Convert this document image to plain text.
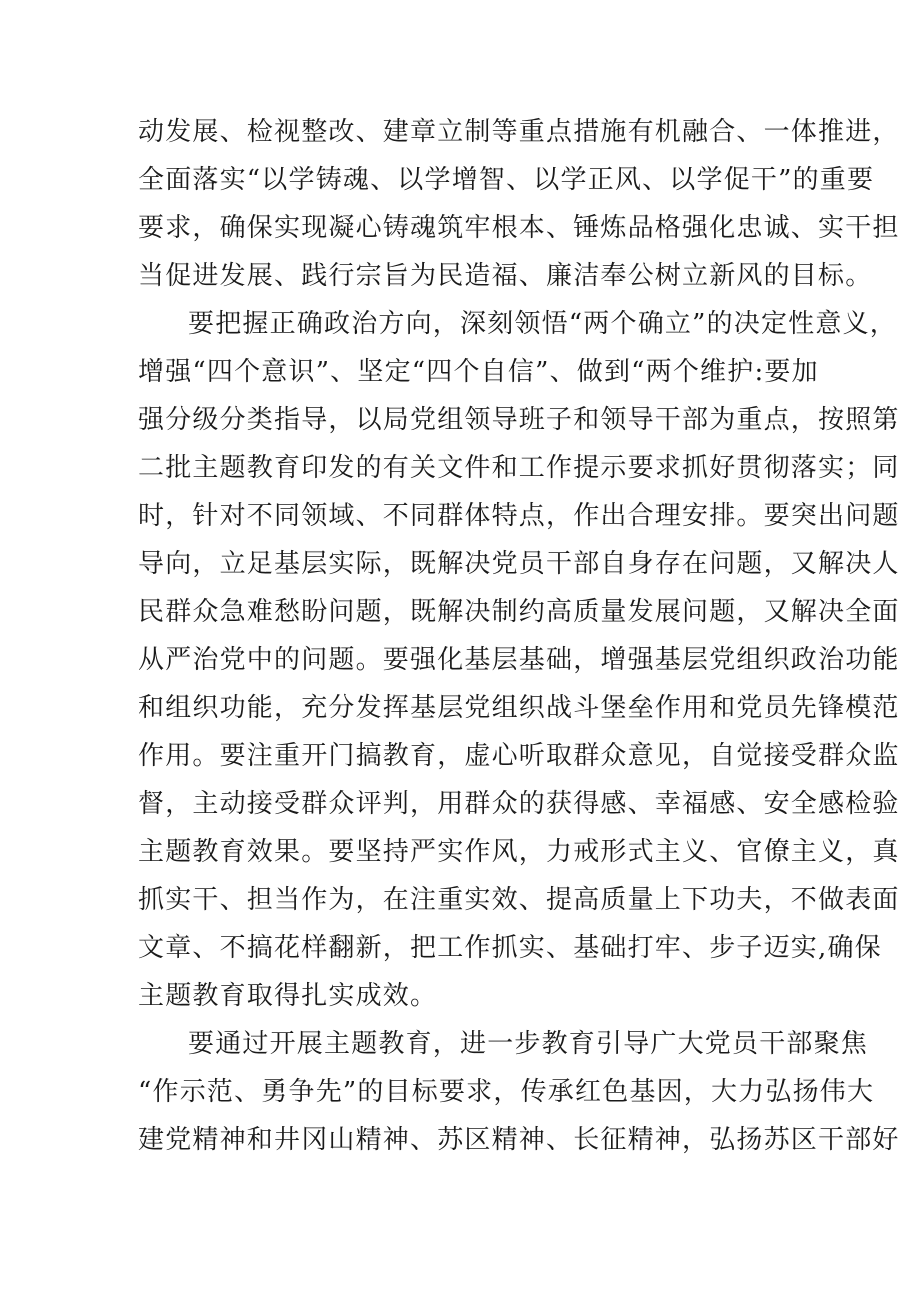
动发展、检视整改、建章立制等重点措施有机融合、一体推进，
全面落实“以学铸魂、以学增智、以学正风、以学促干”的重要
要求，确保实现凝心铸魂筑牢根本、锤炼品格强化忠诚、实干担
当促进发展、践行宗旨为民造福、廉洁奉公树立新风的目标。
要把握正确政治方向，深刻领悟“两个确立”的决定性意义，
增强“四个意识”、坚定“四个自信”、做到“两个维护:要加
强分级分类指导，以局党组领导班子和领导干部为重点，按照第
二批主题教育印发的有关文件和工作提示要求抓好贯彻落实；同
时，针对不同领域、不同群体特点，作出合理安排。要突出问题
导向，立足基层实际，既解决党员干部自身存在问题，又解决人
民群众急难愁盼问题，既解决制约高质量发展问题，又解决全面
从严治党中的问题。要强化基层基础，增强基层党组织政治功能
和组织功能，充分发挥基层党组织战斗堡垒作用和党员先锋模范
作用。要注重开门搞教育，虚心听取群众意见，自觉接受群众监
督，主动接受群众评判，用群众的获得感、幸福感、安全感检验
主题教育效果。要坚持严实作风，力戒形式主义、官僚主义，真
抓实干、担当作为，在注重实效、提高质量上下功夫，不做表面
文章、不搞花样翻新，把工作抓实、基础打牢、步子迈实,确保
主题教育取得扎实成效。
要通过开展主题教育，进一步教育引导广大党员干部聚焦
“作示范、勇争先”的目标要求，传承红色基因，大力弘扬伟大
建党精神和井冈山精神、苏区精神、长征精神，弘扬苏区干部好
